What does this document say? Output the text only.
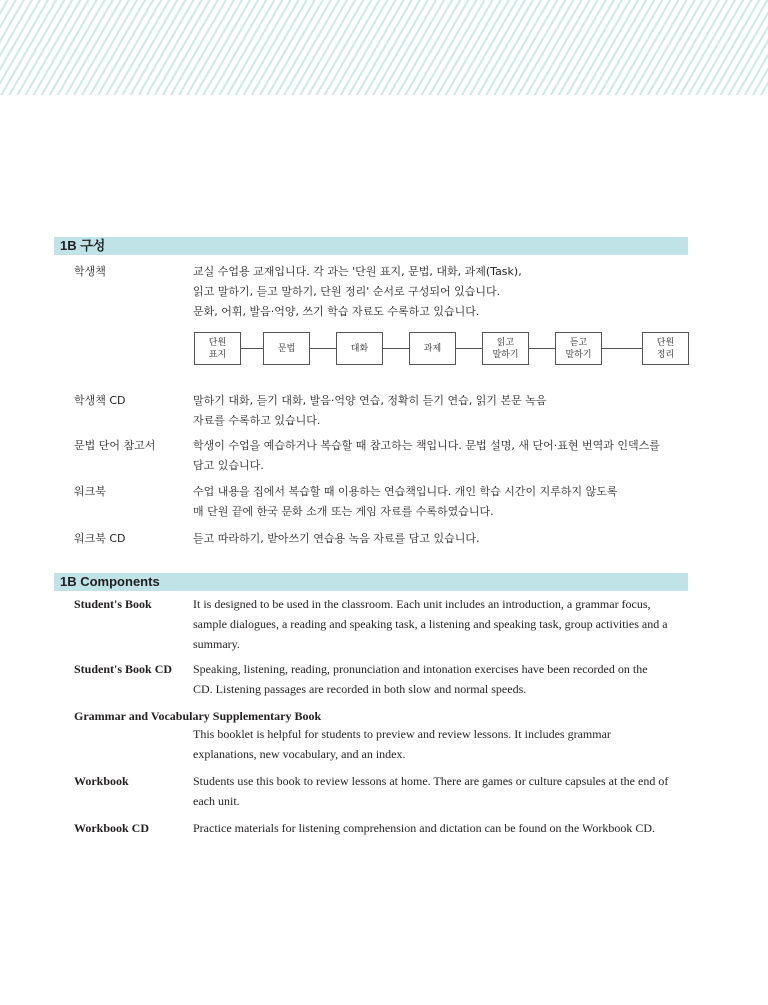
1B 구성
학생책	교실 수업용 교재입니다. 각 과는 '단원 표지, 문법, 대화, 과제(Task),
읽고 말하기, 듣고 말하기, 단원 정리' 순서로 구성되어 있습니다.
문화, 어휘, 발음·억양, 쓰기 학습 자료도 수록하고 있습니다.
단원
표지
문법	대화	과제
읽고
말하기
듣고
말하기
단원
정리
학생책 CD	말하기 대화, 듣기 대화, 발음·억양 연습, 정확히 듣기 연습, 읽기 본문 녹음
자료를 수록하고 있습니다.
문법 단어 참고서	학생이 수업을 예습하거나 복습할 때 참고하는 책입니다. 문법 설명, 새 단어·표현 번역과 인덱스를
담고 있습니다.
워크북	수업 내용을 집에서 복습할 때 이용하는 연습책입니다. 개인 학습 시간이 지루하지 않도록
매 단원 끝에 한국 문화 소개 또는 게임 자료를 수록하였습니다.
워크북 CD	듣고 따라하기, 받아쓰기 연습용 녹음 자료를 담고 있습니다.
1B Components
Student's Book	It is designed to be used in the classroom. Each unit includes an introduction, a grammar focus,
sample dialogues, a reading and speaking task, a listening and speaking task, group activities and a
summary.
Student's Book CD	Speaking, listening, reading, pronunciation and intonation exercises have been recorded on the
CD. Listening passages are recorded in both slow and normal speeds.
Grammar and Vocabulary Supplementary Book
This booklet is helpful for students to preview and review lessons. It includes grammar
explanations, new vocabulary, and an index.
Workbook	Students use this book to review lessons at home. There are games or culture capsules at the end of
each unit.
Workbook CD	Practice materials for listening comprehension and dictation can be found on the Workbook CD.
